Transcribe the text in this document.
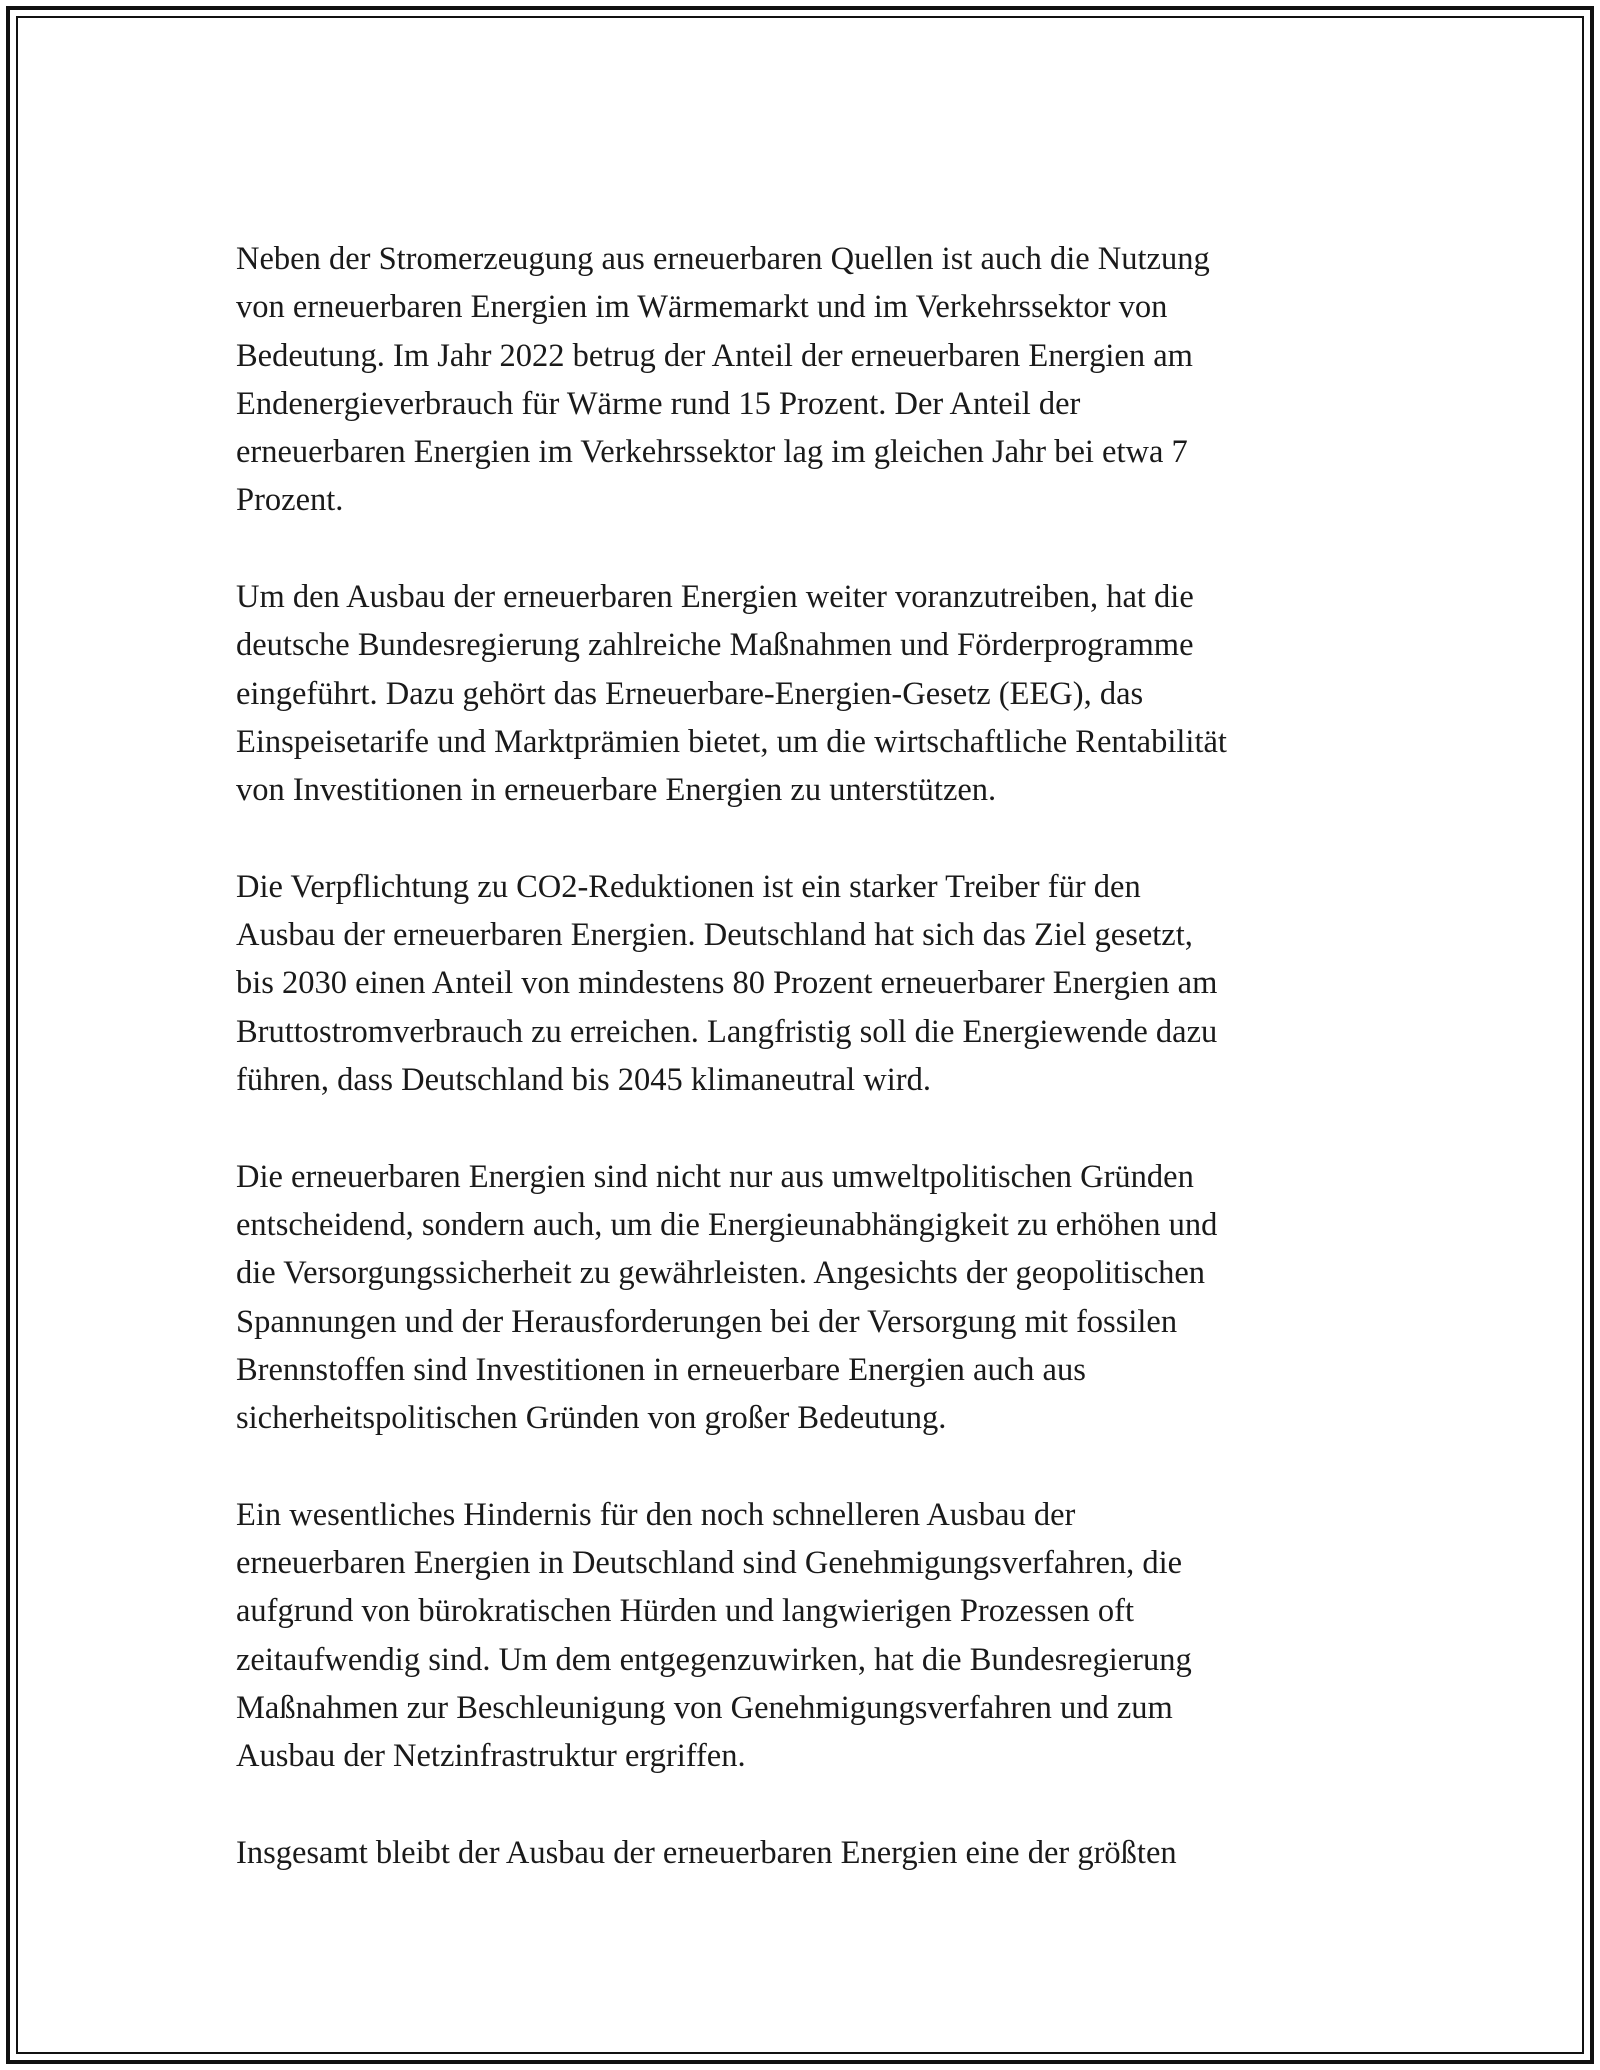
Neben der Stromerzeugung aus erneuerbaren Quellen ist auch die Nutzung
von erneuerbaren Energien im Wärmemarkt und im Verkehrssektor von
Bedeutung. Im Jahr 2022 betrug der Anteil der erneuerbaren Energien am
Endenergieverbrauch für Wärme rund 15 Prozent. Der Anteil der
erneuerbaren Energien im Verkehrssektor lag im gleichen Jahr bei etwa 7
Prozent.

Um den Ausbau der erneuerbaren Energien weiter voranzutreiben, hat die
deutsche Bundesregierung zahlreiche Maßnahmen und Förderprogramme
eingeführt. Dazu gehört das Erneuerbare-Energien-Gesetz (EEG), das
Einspeisetarife und Marktprämien bietet, um die wirtschaftliche Rentabilität
von Investitionen in erneuerbare Energien zu unterstützen.

Die Verpflichtung zu CO2-Reduktionen ist ein starker Treiber für den
Ausbau der erneuerbaren Energien. Deutschland hat sich das Ziel gesetzt,
bis 2030 einen Anteil von mindestens 80 Prozent erneuerbarer Energien am
Bruttostromverbrauch zu erreichen. Langfristig soll die Energiewende dazu
führen, dass Deutschland bis 2045 klimaneutral wird.

Die erneuerbaren Energien sind nicht nur aus umweltpolitischen Gründen
entscheidend, sondern auch, um die Energieunabhängigkeit zu erhöhen und
die Versorgungssicherheit zu gewährleisten. Angesichts der geopolitischen
Spannungen und der Herausforderungen bei der Versorgung mit fossilen
Brennstoffen sind Investitionen in erneuerbare Energien auch aus
sicherheitspolitischen Gründen von großer Bedeutung.

Ein wesentliches Hindernis für den noch schnelleren Ausbau der
erneuerbaren Energien in Deutschland sind Genehmigungsverfahren, die
aufgrund von bürokratischen Hürden und langwierigen Prozessen oft
zeitaufwendig sind. Um dem entgegenzuwirken, hat die Bundesregierung
Maßnahmen zur Beschleunigung von Genehmigungsverfahren und zum
Ausbau der Netzinfrastruktur ergriffen.

Insgesamt bleibt der Ausbau der erneuerbaren Energien eine der größten
